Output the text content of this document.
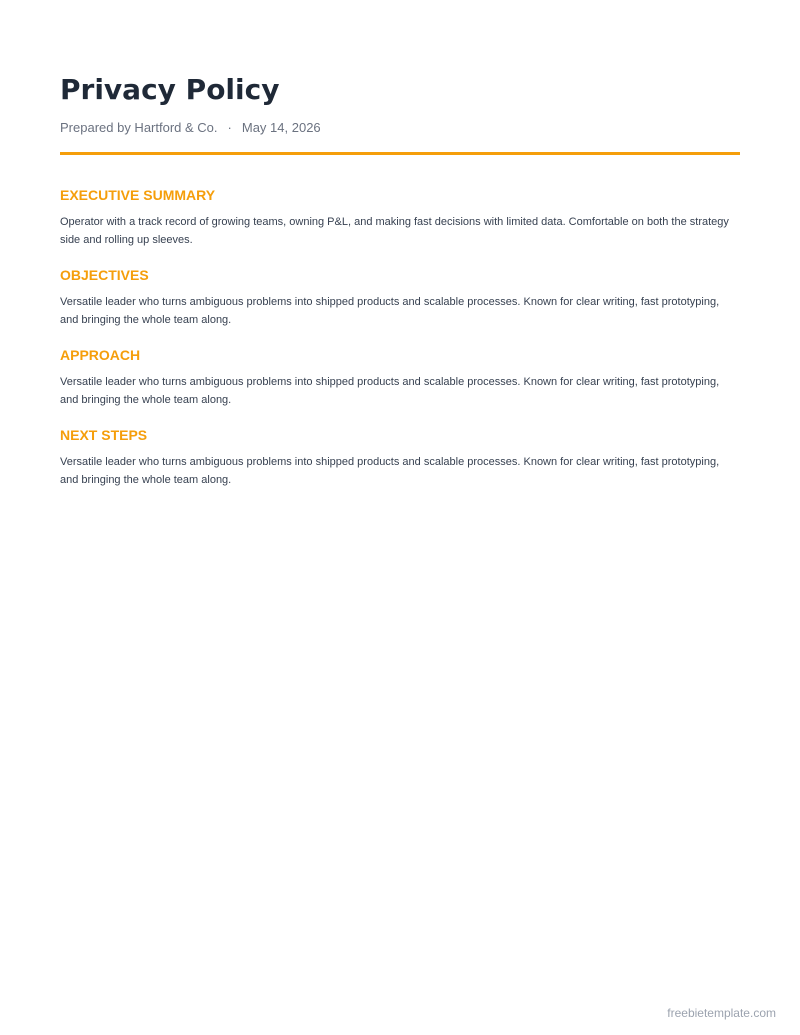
Privacy Policy
Prepared by Hartford & Co. · May 14, 2026
EXECUTIVE SUMMARY

Operator with a track record of growing teams, owning P&L, and making fast decisions with limited data. Comfortable on both the strategy side and rolling up sleeves.

OBJECTIVES

Versatile leader who turns ambiguous problems into shipped products and scalable processes. Known for clear writing, fast prototyping, and bringing the whole team along.

APPROACH

Versatile leader who turns ambiguous problems into shipped products and scalable processes. Known for clear writing, fast prototyping, and bringing the whole team along.

NEXT STEPS

Versatile leader who turns ambiguous problems into shipped products and scalable processes. Known for clear writing, fast prototyping, and bringing the whole team along.

freebietemplate.com
